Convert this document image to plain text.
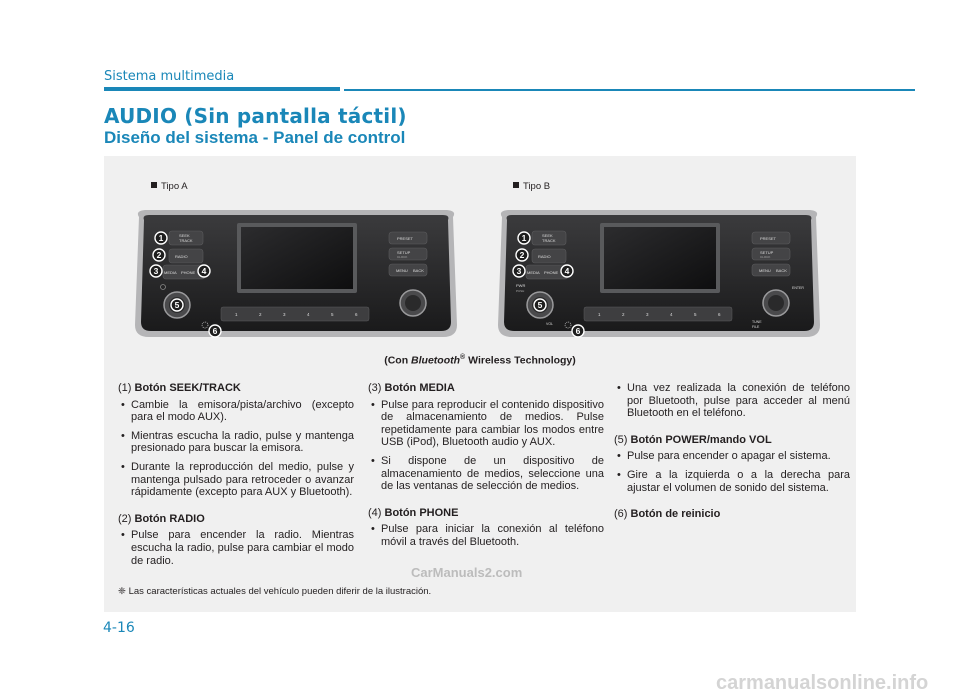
Sistema multimedia
AUDIO (Sin pantalla táctil)
Diseño del sistema - Panel de control
Tipo A	Tipo B
SEEK
TRACK
RADIO
MEDIA PHONE
PRESET
SETUP
CLOCK
MENU BACK
1	2	3	4	5	6
1
2
3	4
5
6
SEEK
TRACK
RADIO
MEDIA PHONE
PWR
PUSH
VOL
PRESET
SETUP
CLOCK
MENU BACK
ENTER
TUNE
FILE
1	2	3	4	5	6
1
2
3	4
5
6
(Con Bluetooth® Wireless Technology)
(1) Botón SEEK/TRACK
• Cambie la emisora/pista/archivo (excepto para el modo AUX).
• Mientras escucha la radio, pulse y mantenga presionado para buscar la emisora.
• Durante la reproducción del medio, pulse y mantenga pulsado para retroceder o avanzar rápidamente (excepto para AUX y Bluetooth).
(2) Botón RADIO
• Pulse para encender la radio. Mientras escucha la radio, pulse para cambiar el modo de radio.
(3) Botón MEDIA
• Pulse para reproducir el contenido dispositivo de almacenamiento de medios. Pulse repetidamente para cambiar los modos entre USB (iPod), Bluetooth audio y AUX.
• Si dispone de un dispositivo de almacenamiento de medios, seleccione una de las ventanas de selección de medios.
(4) Botón PHONE
• Pulse para iniciar la conexión al teléfono móvil a través del Bluetooth.
• Una vez realizada la conexión de teléfono por Bluetooth, pulse para acceder al menú Bluetooth en el teléfono.
(5) Botón POWER/mando VOL
• Pulse para encender o apagar el sistema.
• Gire a la izquierda o a la derecha para ajustar el volumen de sonido del sistema.
(6) Botón de reinicio
CarManuals2.com
❈ Las características actuales del vehículo pueden diferir de la ilustración.
4-16
carmanualsonline.info
